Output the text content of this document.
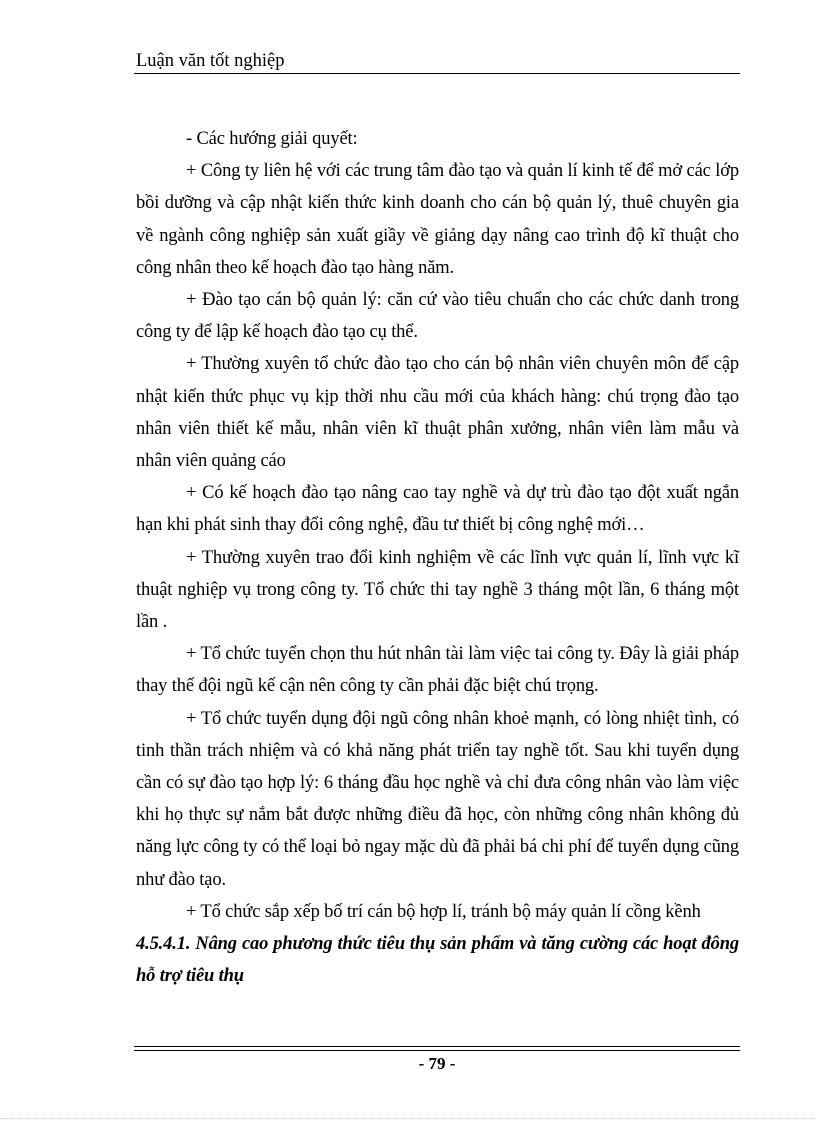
Luận văn tốt nghiệp

- Các hướng giải quyết:

+ Công ty liên hệ với các trung tâm đào tạo và quản lí kinh tế để mở các lớp bồi dưỡng và cập nhật kiến thức kinh doanh cho cán bộ quản lý, thuê chuyên gia về ngành công nghiệp sản xuất giầy về giảng dạy nâng cao trình độ kĩ thuật cho công nhân theo kế hoạch đào tạo hàng năm.

+ Đào tạo cán bộ quản lý: căn cứ vào tiêu chuẩn cho các chức danh trong công ty để lập kế hoạch đào tạo cụ thể.

+ Thường xuyên tổ chức đào tạo cho cán bộ nhân viên chuyên môn để cập nhật kiến thức phục vụ kịp thời nhu cầu mới của khách hàng: chú trọng đào tạo nhân viên thiết kế mẫu, nhân viên kĩ thuật phân xưởng, nhân viên làm mẫu và nhân viên quảng cáo

+ Có kế hoạch đào tạo nâng cao tay nghề và dự trù đào tạo đột xuất ngắn hạn khi phát sinh thay đổi công nghệ, đầu tư thiết bị công nghệ mới…

+ Thường xuyên trao đổi kinh nghiệm về các lĩnh vực quản lí, lĩnh vực kĩ thuật nghiệp vụ trong công ty. Tổ chức thi tay nghề 3 tháng một lần, 6 tháng một lần .

+ Tổ chức tuyển chọn thu hút nhân tài làm việc tai công ty. Đây là giải pháp thay thế đội ngũ kế cận nên công ty cần phải đặc biệt chú trọng.

+ Tổ chức tuyển dụng đội ngũ công nhân khoẻ mạnh, có lòng nhiệt tình, có tinh thần trách nhiệm và có khả năng phát triển tay nghề tốt. Sau khi tuyển dụng cần có sự đào tạo hợp lý: 6 tháng đầu học nghề và chỉ đưa công nhân vào làm việc khi họ thực sự nắm bắt được những điều đã học, còn những công nhân không đủ năng lực công ty có thể loại bỏ ngay mặc dù đã phải bá chi phí để tuyển dụng cũng như đào tạo.

+ Tổ chức sắp xếp bố trí cán bộ hợp lí, tránh bộ máy quản lí cồng kềnh

4.5.4.1. Nâng cao phương thức tiêu thụ sản phẩm và tăng cường các hoạt đông hỗ trợ tiêu thụ

- 79 -
